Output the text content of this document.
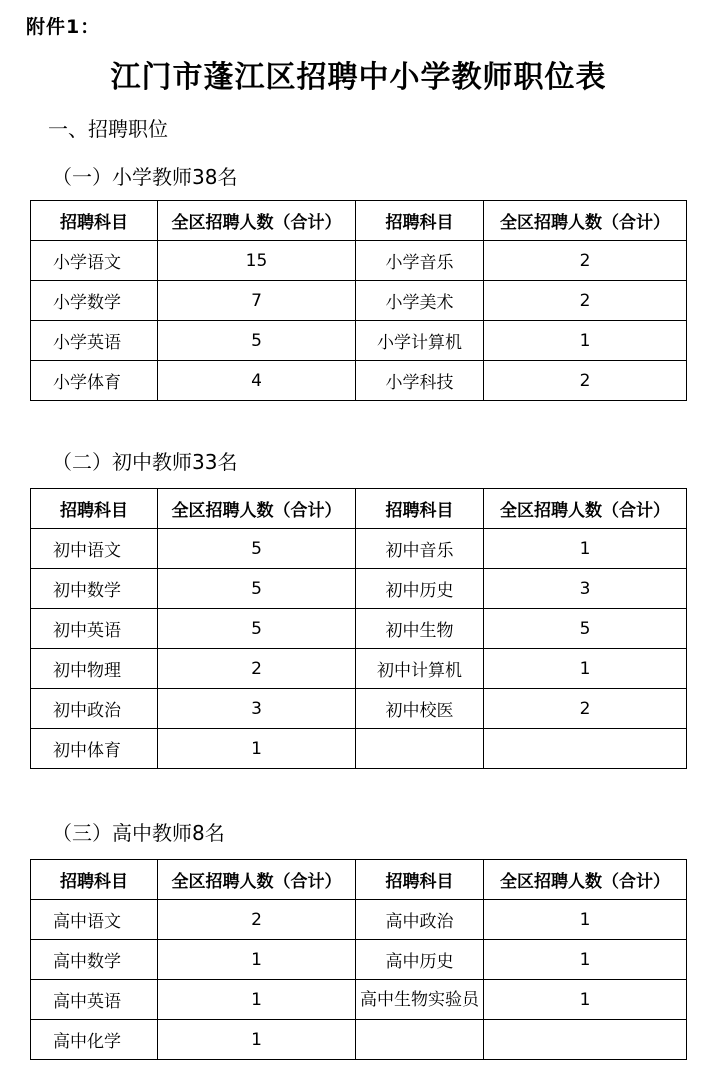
附件1：
江门市蓬江区招聘中小学教师职位表
一、招聘职位
（一）小学教师38名
招聘科目	全区招聘人数（合计）	招聘科目	全区招聘人数（合计）
小学语文	15	小学音乐	2
小学数学	7	小学美术	2
小学英语	5	小学计算机	1
小学体育	4	小学科技	2
（二）初中教师33名
招聘科目	全区招聘人数（合计）	招聘科目	全区招聘人数（合计）
初中语文	5	初中音乐	1
初中数学	5	初中历史	3
初中英语	5	初中生物	5
初中物理	2	初中计算机	1
初中政治	3	初中校医	2
初中体育	1		
（三）高中教师8名
招聘科目	全区招聘人数（合计）	招聘科目	全区招聘人数（合计）
高中语文	2	高中政治	1
高中数学	1	高中历史	1
高中英语	1	高中生物实验员	1
高中化学	1		
